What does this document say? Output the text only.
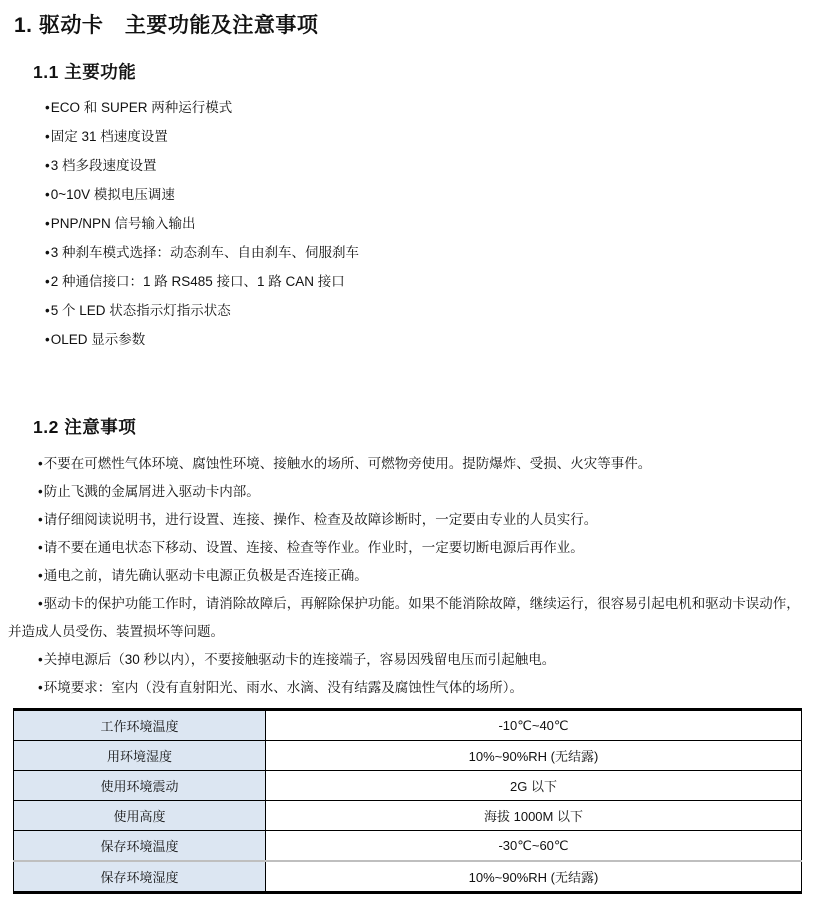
1. 驱动卡　主要功能及注意事项
1.1 主要功能
•ECO 和 SUPER 两种运行模式
•固定 31 档速度设置
•3 档多段速度设置
•0~10V 模拟电压调速
•PNP/NPN 信号输入输出
•3 种刹车模式选择：动态刹车、自由刹车、伺服刹车
•2 种通信接口：1 路 RS485 接口、1 路 CAN 接口
•5 个 LED 状态指示灯指示状态
•OLED 显示参数
1.2 注意事项

•不要在可燃性气体环境、腐蚀性环境、接触水的场所、可燃物旁使用。提防爆炸、受损、火灾等事件。

•防止飞溅的金属屑进入驱动卡内部。

•请仔细阅读说明书，进行设置、连接、操作、检查及故障诊断时，一定要由专业的人员实行。

•请不要在通电状态下移动、设置、连接、检查等作业。作业时，一定要切断电源后再作业。

•通电之前，请先确认驱动卡电源正负极是否连接正确。

•驱动卡的保护功能工作时，请消除故障后，再解除保护功能。如果不能消除故障，继续运行，很容易引起电机和驱动卡误动作，并造成人员受伤、装置损坏等问题。

•关掉电源后（30 秒以内），不要接触驱动卡的连接端子，容易因残留电压而引起触电。

•环境要求：室内（没有直射阳光、雨水、水滴、没有结露及腐蚀性气体的场所）。

工作环境温度	-10℃~40℃
用环境湿度	10%~90%RH (无结露)
使用环境震动	2G 以下
使用高度	海拔 1000M 以下
保存环境温度	-30℃~60℃
保存环境湿度	10%~90%RH (无结露)
